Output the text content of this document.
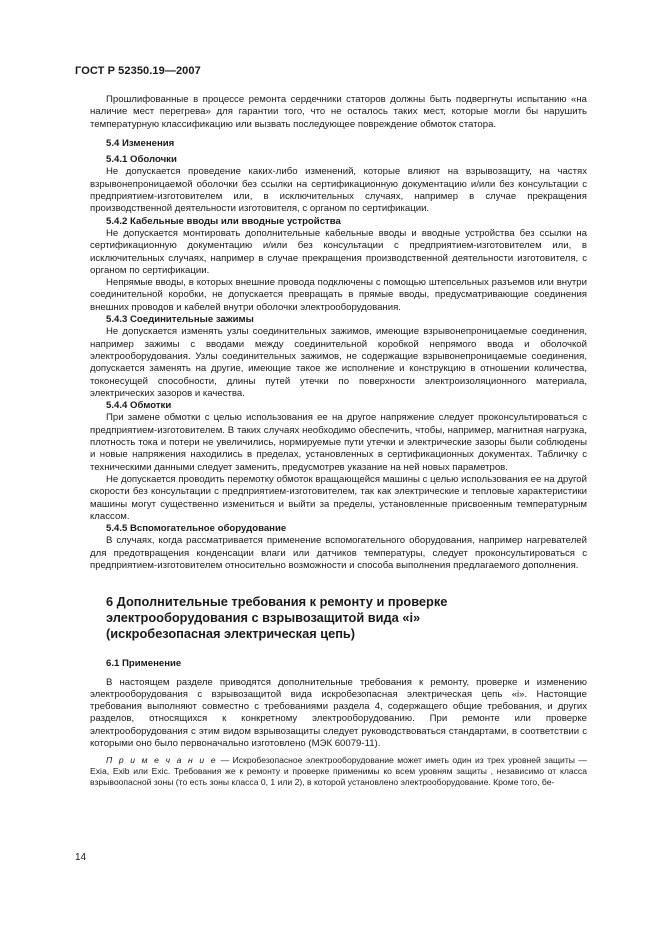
ГОСТ Р 52350.19—2007

Прошлифованные в процессе ремонта сердечники статоров должны быть подвергнуты испытанию «на наличие мест перегрева» для гарантии того, что не осталось таких мест, которые могли бы нарушить температурную классификацию или вызвать последующее повреждение обмоток статора.

5.4 Изменения

5.4.1 Оболочки

Не допускается проведение каких-либо изменений, которые влияют на взрывозащиту, на частях взрывонепроницаемой оболочки без ссылки на сертификационную документацию и/или без консультации с предприятием-изготовителем или, в исключительных случаях, например в случае прекращения производственной деятельности изготовителя, с органом по сертификации.

5.4.2 Кабельные вводы или вводные устройства

Не допускается монтировать дополнительные кабельные вводы и вводные устройства без ссылки на сертификационную документацию и/или без консультации с предприятием-изготовителем или, в исключительных случаях, например в случае прекращения производственной деятельности изготовителя, с органом по сертификации.

Непрямые вводы, в которых внешние провода подключены с помощью штепсельных разъемов или внутри соединительной коробки, не допускается превращать в прямые вводы, предусматривающие соединения внешних проводов и кабелей внутри оболочки электрооборудования.

5.4.3 Соединительные зажимы

Не допускается изменять узлы соединительных зажимов, имеющие взрывонепроницаемые соединения, например зажимы с вводами между соединительной коробкой непрямого ввода и оболочкой электрооборудования. Узлы соединительных зажимов, не содержащие взрывонепроницаемые соединения, допускается заменять на другие, имеющие такое же исполнение и конструкцию в отношении количества, токонесущей способности, длины путей утечки по поверхности электроизоляционного материала, электрических зазоров и качества.

5.4.4 Обмотки

При замене обмотки с целью использования ее на другое напряжение следует проконсультироваться с предприятием-изготовителем. В таких случаях необходимо обеспечить, чтобы, например, магнитная нагрузка, плотность тока и потери не увеличились, нормируемые пути утечки и электрические зазоры были соблюдены и новые напряжения находились в пределах, установленных в сертификационных документах. Табличку с техническими данными следует заменить, предусмотрев указание на ней новых параметров.

Не допускается проводить перемотку обмоток вращающейся машины с целью использования ее на другой скорости без консультации с предприятием-изготовителем, так как электрические и тепловые характеристики машины могут существенно измениться и выйти за пределы, установленные присвоенным температурным классом.

5.4.5 Вспомогательное оборудование

В случаях, когда рассматривается применение вспомогательного оборудования, например нагревателей для предотвращения конденсации влаги или датчиков температуры, следует проконсультироваться с предприятием-изготовителем относительно возможности и способа выполнения предлагаемого дополнения.

6 Дополнительные требования к ремонту и проверке

электрооборудования с взрывозащитой вида «i»

(искробезопасная электрическая цепь)

6.1 Применение

В настоящем разделе приводятся дополнительные требования к ремонту, проверке и изменению электрооборудования с взрывозащитой вида искробезопасная электрическая цепь «i». Настоящие требования выполняют совместно с требованиями раздела 4, содержащего общие требования, и других разделов, относящихся к конкретному электрооборудованию. При ремонте или проверке электрооборудования с этим видом взрывозащиты следует руководствоваться стандартами, в соответствии с которыми оно было первоначально изготовлено (МЭК 60079-11).

П р и м е ч а н и е — Искробезопасное электрооборудование может иметь один из трех уровней защиты — Exia, Exib или Exic. Требования же к ремонту и проверке применимы ко всем уровням защиты , независимо от класса взрывоопасной зоны (то есть зоны класса 0, 1 или 2), в которой установлено электрооборудование. Кроме того, бе-

14
